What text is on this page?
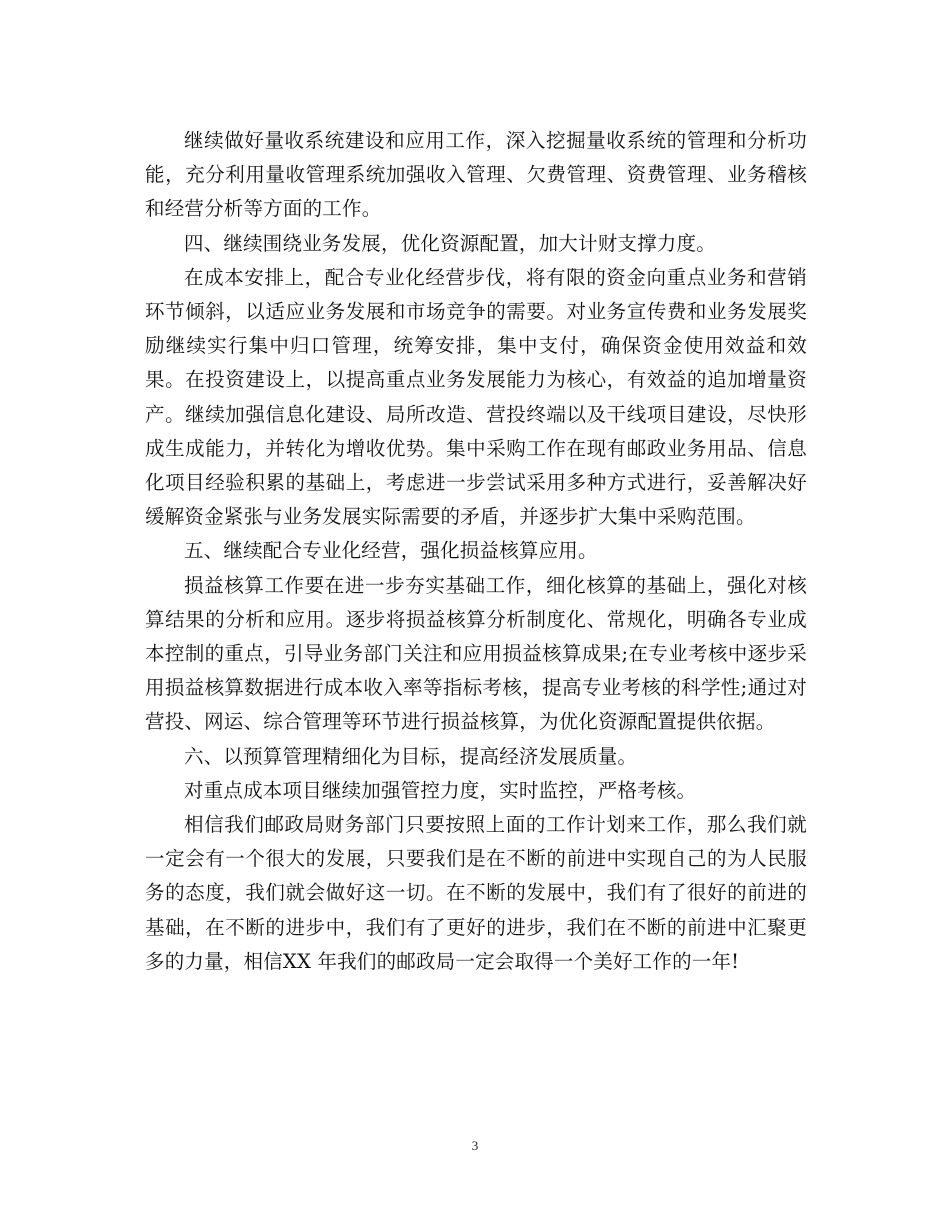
继续做好量收系统建设和应用工作，深入挖掘量收系统的管理和分析功能，充分利用量收管理系统加强收入管理、欠费管理、资费管理、业务稽核和经营分析等方面的工作。

四、继续围绕业务发展，优化资源配置，加大计财支撑力度。

在成本安排上，配合专业化经营步伐，将有限的资金向重点业务和营销环节倾斜，以适应业务发展和市场竞争的需要。对业务宣传费和业务发展奖励继续实行集中归口管理，统筹安排，集中支付，确保资金使用效益和效果。在投资建设上，以提高重点业务发展能力为核心，有效益的追加增量资产。继续加强信息化建设、局所改造、营投终端以及干线项目建设，尽快形成生成能力，并转化为增收优势。集中采购工作在现有邮政业务用品、信息化项目经验积累的基础上，考虑进一步尝试采用多种方式进行，妥善解决好缓解资金紧张与业务发展实际需要的矛盾，并逐步扩大集中采购范围。

五、继续配合专业化经营，强化损益核算应用。

损益核算工作要在进一步夯实基础工作，细化核算的基础上，强化对核算结果的分析和应用。逐步将损益核算分析制度化、常规化，明确各专业成本控制的重点，引导业务部门关注和应用损益核算成果;在专业考核中逐步采用损益核算数据进行成本收入率等指标考核，提高专业考核的科学性;通过对营投、网运、综合管理等环节进行损益核算，为优化资源配置提供依据。

六、以预算管理精细化为目标，提高经济发展质量。

对重点成本项目继续加强管控力度，实时监控，严格考核。

相信我们邮政局财务部门只要按照上面的工作计划来工作，那么我们就一定会有一个很大的发展，只要我们是在不断的前进中实现自己的为人民服务的态度，我们就会做好这一切。在不断的发展中，我们有了很好的前进的基础，在不断的进步中，我们有了更好的进步，我们在不断的前进中汇聚更多的力量，相信XX 年我们的邮政局一定会取得一个美好工作的一年!

3
